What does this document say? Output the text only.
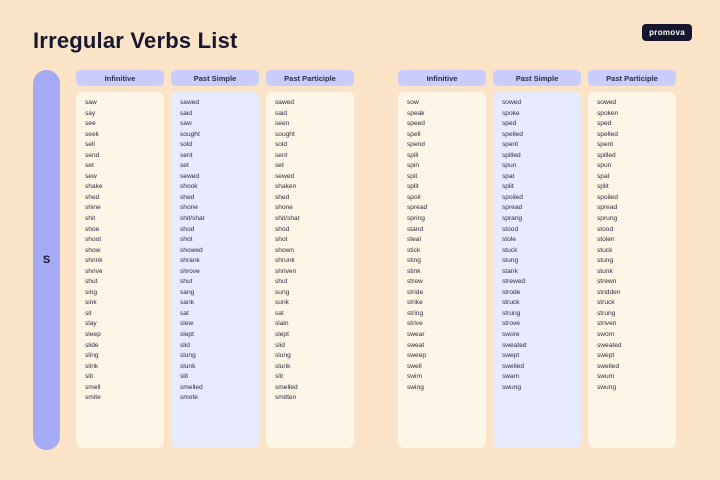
Irregular Verbs List	promova
S
Infinitive
saw
say
see
seek
sell
send
set
sew
shake
shed
shine
shit
shoe
shoot
show
shrink
shrive
shut
sing
sink
sit
slay
sleep
slide
sling
slink
slit
smell
smite
Past Simple
sawed
said
saw
sought
sold
sent
set
sewed
shook
shed
shone
shit/shat
shod
shot
showed
shrank
shrove
shut
sang
sank
sat
slew
slept
slid
slung
slunk
slit
smelled
smote
Past Participle
sawed
said
seen
sought
sold
sent
set
sewed
shaken
shed
shone
shit/shat
shod
shot
shown
shrunk
shriven
shut
sung
sunk
sat
slain
slept
slid
slung
slunk
slit
smelled
smitten
Infinitive
sow
speak
speed
spell
spend
spill
spin
spit
split
spoil
spread
spring
stand
steal
stick
sting
stink
strew
stride
strike
string
strive
swear
sweat
sweep
swell
swim
swing
Past Simple
sowed
spoke
sped
spelled
spent
spilled
spun
spat
split
spoiled
spread
sprang
stood
stole
stuck
stung
stank
strewed
strode
struck
strung
strove
swore
sweated
swept
swelled
swam
swung
Past Participle
sowed
spoken
sped
spelled
spent
spilled
spun
spat
split
spoiled
spread
sprung
stood
stolen
stuck
stung
stunk
strewn
stridden
struck
strung
striven
sworn
sweated
swept
swelled
swum
swung
